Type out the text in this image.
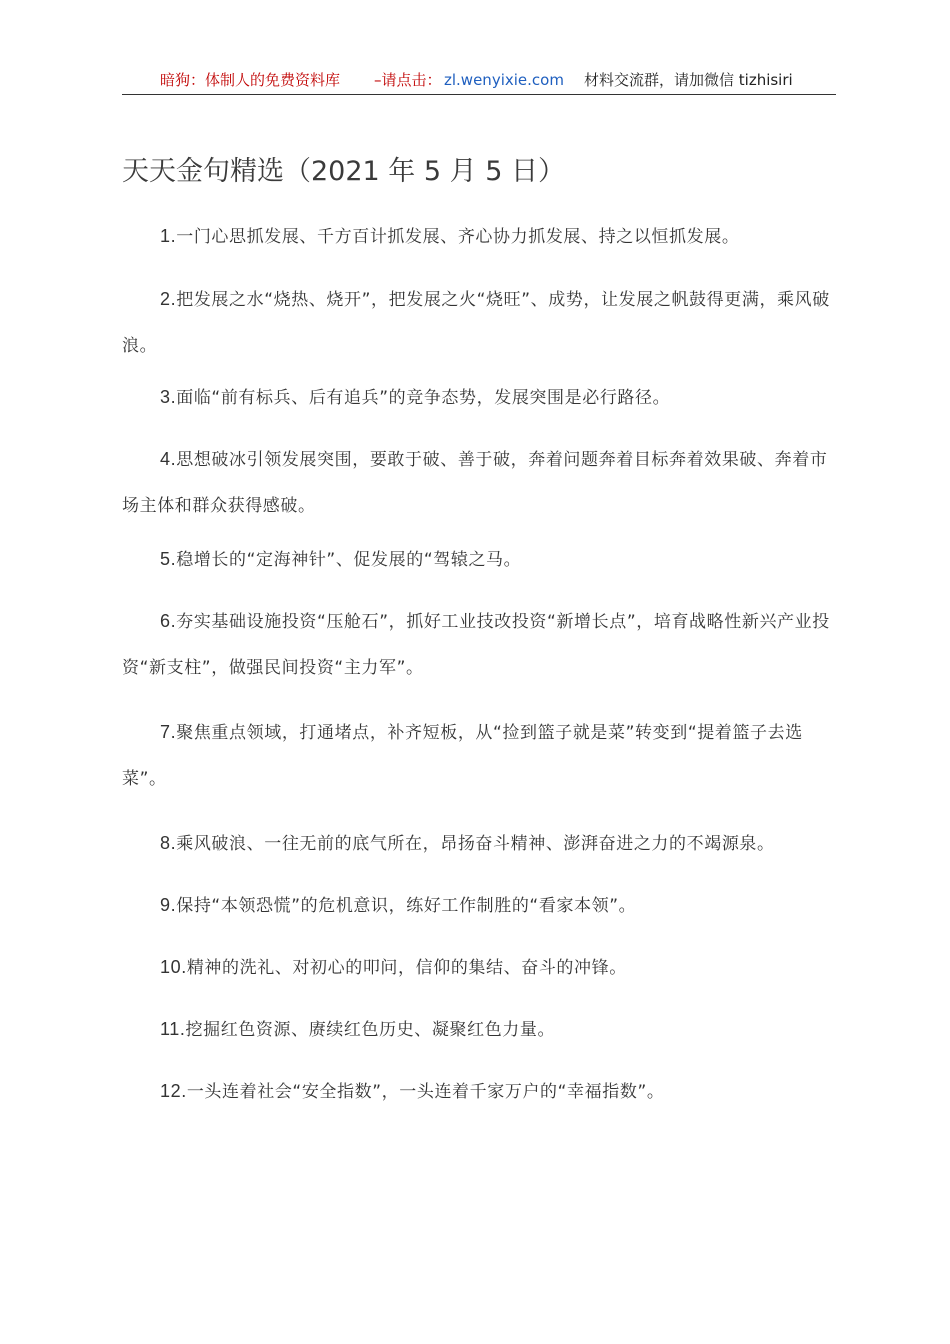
暗狗：体制人的免费资料库 –请点击： zl.wenyixie.com 材料交流群，请加微信 tizhisiri
天天金句精选（2021 年 5 月 5 日）

1.一门心思抓发展、千方百计抓发展、齐心协力抓发展、持之以恒抓发展。

2.把发展之水“烧热、烧开”，把发展之火“烧旺”、成势，让发展之帆鼓得更满，乘风破浪。

3.面临“前有标兵、后有追兵”的竞争态势，发展突围是必行路径。

4.思想破冰引领发展突围，要敢于破、善于破，奔着问题奔着目标奔着效果破、奔着市场主体和群众获得感破。

5.稳增长的“定海神针”、促发展的“驾辕之马。

6.夯实基础设施投资“压舱石”，抓好工业技改投资“新增长点”，培育战略性新兴产业投资“新支柱”，做强民间投资“主力军”。

7.聚焦重点领域，打通堵点，补齐短板，从“捡到篮子就是菜”转变到“提着篮子去选菜”。

8.乘风破浪、一往无前的底气所在，昂扬奋斗精神、澎湃奋进之力的不竭源泉。

9.保持“本领恐慌”的危机意识，练好工作制胜的“看家本领”。

10.精神的洗礼、对初心的叩问，信仰的集结、奋斗的冲锋。

11.挖掘红色资源、赓续红色历史、凝聚红色力量。

12.一头连着社会“安全指数”，一头连着千家万户的“幸福指数”。
